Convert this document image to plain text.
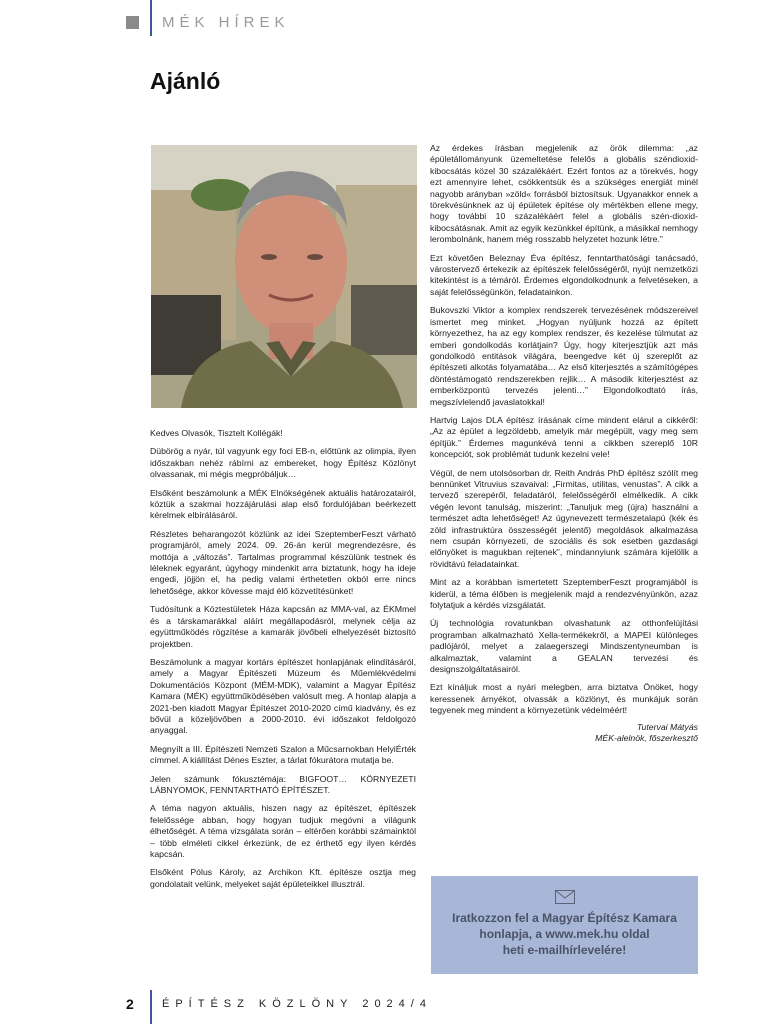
MÉK HÍREK
Ajánló

Kedves Olvasók, Tisztelt Kollégák!

Dübörög a nyár, túl vagyunk egy foci EB-n, előttünk az olimpia, ilyen időszakban nehéz rábírni az embereket, hogy Építész Közlönyt olvassanak, mi mégis megpróbáljuk…

Elsőként beszámolunk a MÉK Elnökségének aktuális határozatairól, köztük a szakmai hozzájárulási alap első fordulójában beérkezett kérelmek elbírálásáról.

Részletes beharangozót közlünk az idei SzeptemberFeszt várható programjáról, amely 2024. 09. 26-án kerül megrendezésre, és mottója a „változás”. Tartalmas programmal készülünk testnek és léleknek egyaránt, úgyhogy mindenkit arra biztatunk, hogy ha ideje engedi, jöjjön el, ha pedig valami érthetetlen okból erre nincs lehetősége, akkor kövesse majd élő közvetítésünket!

Tudósítunk a Köztestületek Háza kapcsán az MMA-val, az ÉKMmel és a társkamarákkal aláírt megállapodásról, melynek célja az együttműködés rögzítése a kamarák jövőbeli elhelyezését biztosító projektben.

Beszámolunk a magyar kortárs építészet honlapjának elindításáról, amely a Magyar Építészeti Múzeum és Műemlékvédelmi Dokumentációs Központ (MÉM-MDK), valamint a Magyar Építész Kamara (MÉK) együttműködésében valósult meg. A honlap alapja a 2021-ben kiadott Magyar Építészet 2010-2020 című kiadvány, és ez bővül a közeljövőben a 2000-2010. évi időszakot feldolgozó anyaggal.

Megnyílt a III. Építészeti Nemzeti Szalon a Műcsarnokban HelyiÉrték címmel. A kiállítást Dénes Eszter, a tárlat fókurátora mutatja be.

Jelen számunk fókusztémája: BIGFOOT… KÖRNYEZETI LÁBNYOMOK, FENNTARTHATÓ ÉPÍTÉSZET.

A téma nagyon aktuális, hiszen nagy az építészet, építészek felelőssége abban, hogy hogyan tudjuk megóvni a világunk élhetőségét. A téma vizsgálata során – eltérően korábbi számainktól – több elméleti cikkel érkezünk, de ez érthető egy ilyen kérdés kapcsán.

Elsőként Pólus Károly, az Archikon Kft. építésze osztja meg gondolatait velünk, melyeket saját épületeikkel illusztrál.

Az érdekes írásban megjelenik az örök dilemma: „az épületállományunk üzemeltetése felelős a globális széndioxid-kibocsátás közel 30 százalékáért. Ezért fontos az a törekvés, hogy ezt amennyire lehet, csökkentsük és a szükséges energiát minél nagyobb arányban »zöld« forrásból biztosítsuk. Ugyanakkor ennek a törekvésünknek az új épületek építése oly mértékben ellene megy, hogy további 10 százalékáért felel a globális szén-dioxid-kibocsátásnak. Amit az egyik kezünkkel építünk, a másikkal nemhogy lerombolnánk, hanem még rosszabb helyzetet hozunk létre.”

Ezt követően Beleznay Éva építész, fenntarthatósági tanácsadó, várostervező értekezik az építészek felelősségéről, nyújt nemzetközi kitekintést is a témáról. Érdemes elgondolkodnunk a felvetéseken, a saját felelősségünkön, feladatainkon.

Bukovszki Viktor a komplex rendszerek tervezésének módszereivel ismertet meg minket. „Hogyan nyúljunk hozzá az épített környezethez, ha az egy komplex rendszer, és kezelése túlmutat az emberi gondolkodás korlátjain? Úgy, hogy kiterjesztjük azt más gondolkodó entitások világára, beengedve két új szereplőt az építészeti alkotás folyamatába… Az első kiterjesztés a számítógépes döntéstámogató rendszerekben rejlik… A második kiterjesztést az emberközpontú tervezés jelenti…” Elgondolkodtató írás, megszívlelendő javaslatokkal!

Hartvig Lajos DLA építész írásának címe mindent elárul a cikkéről: „Az az épület a legzöldebb, amelyik már megépült, vagy meg sem építjük.” Érdemes magunkévá tenni a cikkben szereplő 10R koncepciót, sok problémát tudunk kezelni vele!

Végül, de nem utolsósorban dr. Reith András PhD építész szólít meg bennünket Vitruvius szavaival: „Firmitas, utilitas, venustas”. A cikk a tervező szerepéről, feladatáról, felelősségéről elmélkedik. A cikk végén levont tanulság, miszerint: „Tanuljuk meg (újra) használni a természet adta lehetőséget! Az úgynevezett természetalapú (kék és zöld infrastruktúra összességét jelentő) megoldások alkalmazása nem csupán környezeti, de szociális és sok esetben gazdasági előnyöket is magukban rejtenek”, mindannyiunk számára kijelölik a rövidtávú feladatainkat.

Mint az a korábban ismertetett SzeptemberFeszt programjából is kiderül, a téma élőben is megjelenik majd a rendezvényünkön, azaz folytatjuk a kérdés vizsgálatát.

Új technológia rovatunkban olvashatunk az otthonfelújítási programban alkalmazható Xella-termékekről, a MAPEI különleges padlójáról, melyet a zalaegerszegi Mindszentyneumban is alkalmaztak, valamint a GEALAN tervezési és designszolgáltatásairól.

Ezt kínáljuk most a nyári melegben, arra biztatva Önöket, hogy keressenek árnyékot, olvassák a közlönyt, és munkájuk során tegyenek meg mindent a környezetünk védelméért!

Tutervai Mátyás
MÉK-alelnök, főszerkesztő
Iratkozzon fel a Magyar Építész Kamara
honlapja, a www.mek.hu oldal
heti e-mailhírlevelére!
2	ÉPÍTÉSZ KÖZLÖNY 2024/4
